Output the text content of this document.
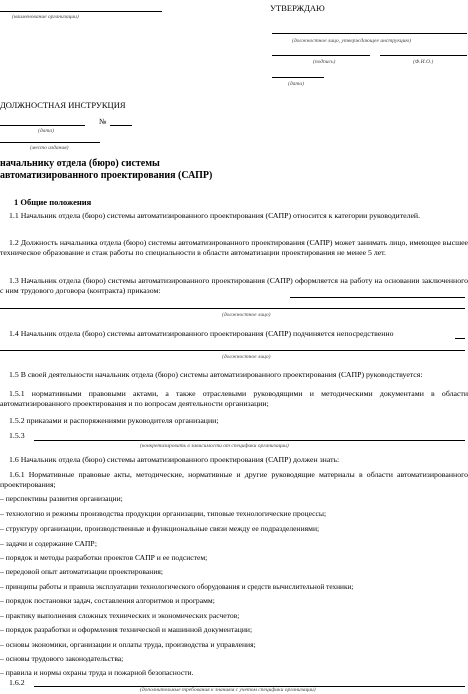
(наименование организации)
УТВЕРЖДАЮ
(должностное лицо, утверждающее инструкцию)
(подпись)	(Ф.И.О.)
(дата)
ДОЛЖНОСТНАЯ ИНСТРУКЦИЯ
№
(дата)
(место издания)
начальнику отдела (бюро) системы
автоматизированного проектирования (САПР)
1 Общие положения
1.1 Начальник отдела (бюро) системы автоматизированного проектирования (САПР) относится к категории руководителей.
1.2 Должность начальника отдела (бюро) системы автоматизированного проектирования (САПР) может занимать лицо, имеющее высшее техническое образование и стаж работы по специальности в области автоматизации проектирования не менее 5 лет.
1.3 Начальник отдела (бюро) системы автоматизированного проектирования (САПР) оформляется на работу на основании заключенного с ним трудового договора (контракта) приказом:
(должностное лицо)
1.4 Начальник отдела (бюро) системы автоматизированного проектирования (САПР) подчиняется непосредственно
(должностное лицо)
1.5 В своей деятельности начальник отдела (бюро) системы автоматизированного проектирования (САПР) руководствуется:
1.5.1 нормативными правовыми актами, а также отраслевыми руководящими и методическими документами в области автоматизированного проектирования и по вопросам деятельности организации;
1.5.2 приказами и распоряжениями руководителя организации;
1.5.3
(конкретизировать в зависимости от специфики организации)
1.6 Начальник отдела (бюро) системы автоматизированного проектирования (САПР) должен знать:
1.6.1 Нормативные правовые акты, методические, нормативные и другие руководящие материалы в области автоматизированного проектирования;
– перспективы развития организации;
– технологию и режимы производства продукции организации, типовые технологические процессы;
– структуру организации, производственные и функциональные связи между ее подразделениями;
– задачи и содержание САПР;
– порядок и методы разработки проектов САПР и ее подсистем;
– передовой опыт автоматизации проектирования;
– принципы работы и правила эксплуатации технологического оборудования и средств вычислительной техники;
– порядок постановки задач, составления алгоритмов и программ;
– практику выполнения сложных технических и экономических расчетов;
– порядок разработки и оформления технической и машинной документации;
– основы экономики, организации и оплаты труда, производства и управления;
– основы трудового законодательства;
– правила и нормы охраны труда и пожарной безопасности.
1.6.2
(дополнительные требования к знаниям с учетом специфики организации)
